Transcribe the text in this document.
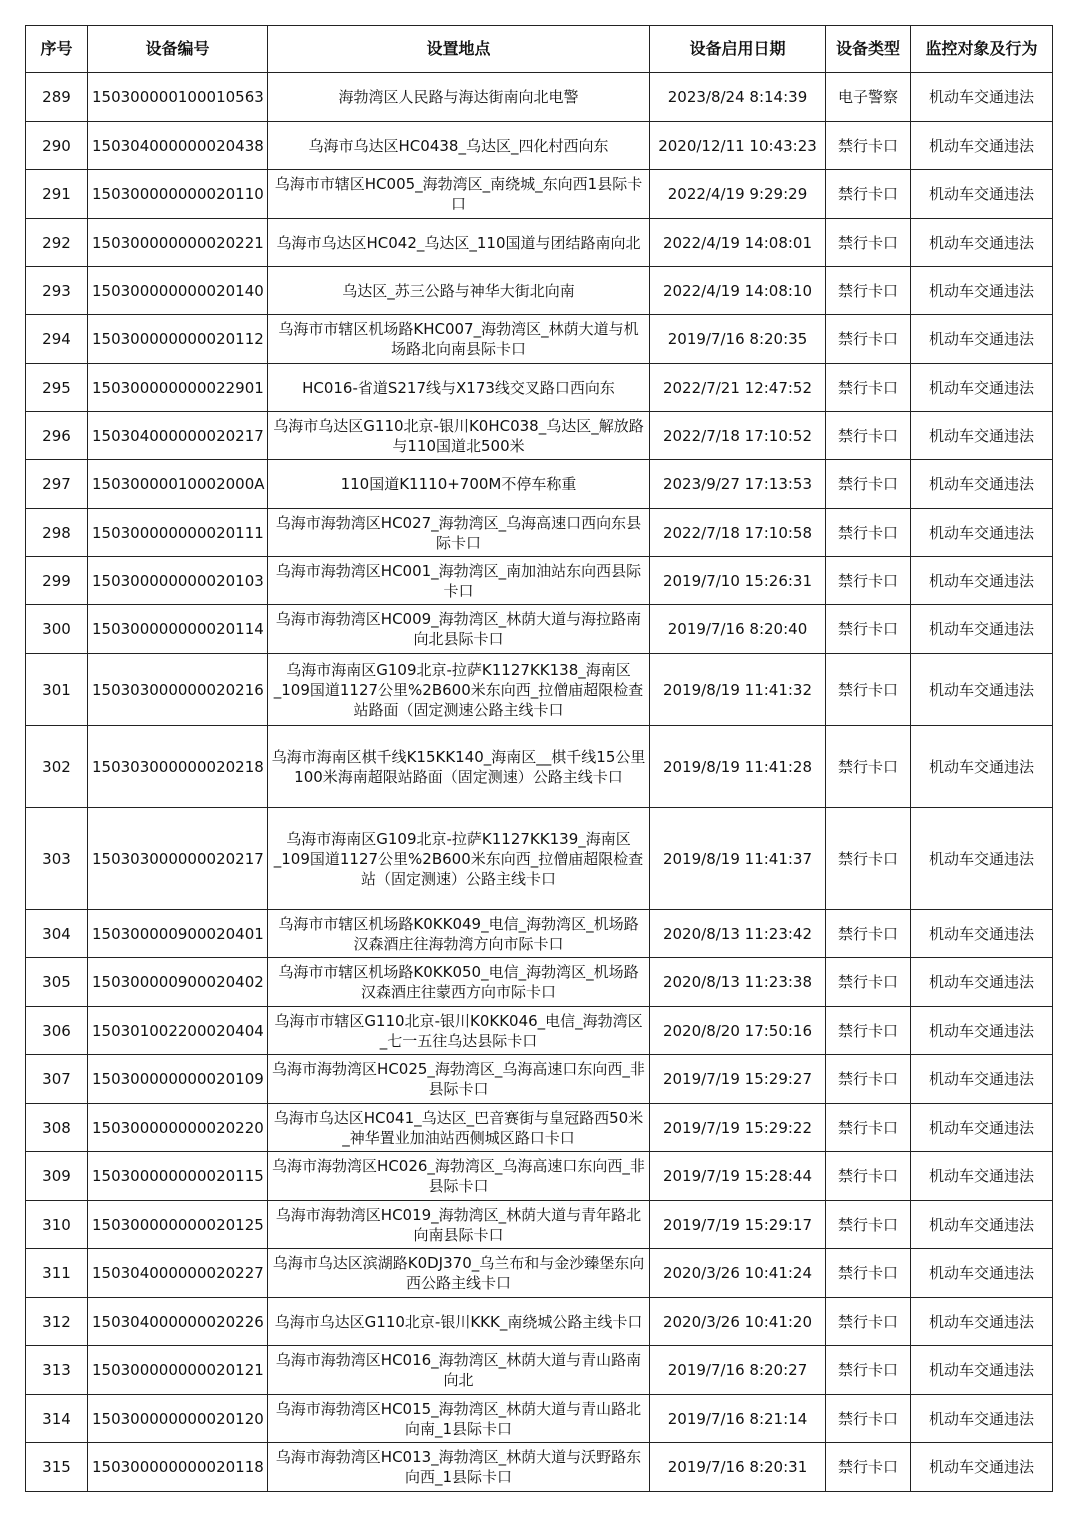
序号	设备编号	设置地点	设备启用日期	设备类型	监控对象及行为
289	150300000100010563	海勃湾区人民路与海达街南向北电警	2023/8/24 8:14:39	电子警察	机动车交通违法
290	150304000000020438	乌海市乌达区HC0438_乌达区_四化村西向东	2020/12/11 10:43:23	禁行卡口	机动车交通违法
291	150300000000020110	乌海市市辖区HC005_海勃湾区_南绕城_东向西1县际卡口	2022/4/19 9:29:29	禁行卡口	机动车交通违法
292	150300000000020221	乌海市乌达区HC042_乌达区_110国道与团结路南向北	2022/4/19 14:08:01	禁行卡口	机动车交通违法
293	150300000000020140	乌达区_苏三公路与神华大街北向南	2022/4/19 14:08:10	禁行卡口	机动车交通违法
294	150300000000020112	乌海市市辖区机场路KHC007_海勃湾区_林荫大道与机场路北向南县际卡口	2019/7/16 8:20:35	禁行卡口	机动车交通违法
295	150300000000022901	HC016-省道S217线与X173线交叉路口西向东	2022/7/21 12:47:52	禁行卡口	机动车交通违法
296	150304000000020217	乌海市乌达区G110北京-银川K0HC038_乌达区_解放路与110国道北500米	2022/7/18 17:10:52	禁行卡口	机动车交通违法
297	15030000010002000A	110国道K1110+700M不停车称重	2023/9/27 17:13:53	禁行卡口	机动车交通违法
298	150300000000020111	乌海市海勃湾区HC027_海勃湾区_乌海高速口西向东县际卡口	2022/7/18 17:10:58	禁行卡口	机动车交通违法
299	150300000000020103	乌海市海勃湾区HC001_海勃湾区_南加油站东向西县际卡口	2019/7/10 15:26:31	禁行卡口	机动车交通违法
300	150300000000020114	乌海市海勃湾区HC009_海勃湾区_林荫大道与海拉路南向北县际卡口	2019/7/16 8:20:40	禁行卡口	机动车交通违法
301	150303000000020216	乌海市海南区G109北京-拉萨K1127KK138_海南区_109国道1127公里%2B600米东向西_拉僧庙超限检查站路面（固定测速公路主线卡口	2019/8/19 11:41:32	禁行卡口	机动车交通违法
302	150303000000020218	乌海市海南区棋千线K15KK140_海南区__棋千线15公里100米海南超限站路面（固定测速）公路主线卡口	2019/8/19 11:41:28	禁行卡口	机动车交通违法
303	150303000000020217	乌海市海南区G109北京-拉萨K1127KK139_海南区_109国道1127公里%2B600米东向西_拉僧庙超限检查站（固定测速）公路主线卡口	2019/8/19 11:41:37	禁行卡口	机动车交通违法
304	150300000900020401	乌海市市辖区机场路K0KK049_电信_海勃湾区_机场路汉森酒庄往海勃湾方向市际卡口	2020/8/13 11:23:42	禁行卡口	机动车交通违法
305	150300000900020402	乌海市市辖区机场路K0KK050_电信_海勃湾区_机场路汉森酒庄往蒙西方向市际卡口	2020/8/13 11:23:38	禁行卡口	机动车交通违法
306	150301002200020404	乌海市市辖区G110北京-银川K0KK046_电信_海勃湾区_七一五往乌达县际卡口	2020/8/20 17:50:16	禁行卡口	机动车交通违法
307	150300000000020109	乌海市海勃湾区HC025_海勃湾区_乌海高速口东向西_非县际卡口	2019/7/19 15:29:27	禁行卡口	机动车交通违法
308	150300000000020220	乌海市乌达区HC041_乌达区_巴音赛街与皇冠路西50米_神华置业加油站西侧城区路口卡口	2019/7/19 15:29:22	禁行卡口	机动车交通违法
309	150300000000020115	乌海市海勃湾区HC026_海勃湾区_乌海高速口东向西_非县际卡口	2019/7/19 15:28:44	禁行卡口	机动车交通违法
310	150300000000020125	乌海市海勃湾区HC019_海勃湾区_林荫大道与青年路北向南县际卡口	2019/7/19 15:29:17	禁行卡口	机动车交通违法
311	150304000000020227	乌海市乌达区滨湖路K0DJ370_乌兰布和与金沙臻堡东向西公路主线卡口	2020/3/26 10:41:24	禁行卡口	机动车交通违法
312	150304000000020226	乌海市乌达区G110北京-银川KKK_南绕城公路主线卡口	2020/3/26 10:41:20	禁行卡口	机动车交通违法
313	150300000000020121	乌海市海勃湾区HC016_海勃湾区_林荫大道与青山路南向北	2019/7/16 8:20:27	禁行卡口	机动车交通违法
314	150300000000020120	乌海市海勃湾区HC015_海勃湾区_林荫大道与青山路北向南_1县际卡口	2019/7/16 8:21:14	禁行卡口	机动车交通违法
315	150300000000020118	乌海市海勃湾区HC013_海勃湾区_林荫大道与沃野路东向西_1县际卡口	2019/7/16 8:20:31	禁行卡口	机动车交通违法
